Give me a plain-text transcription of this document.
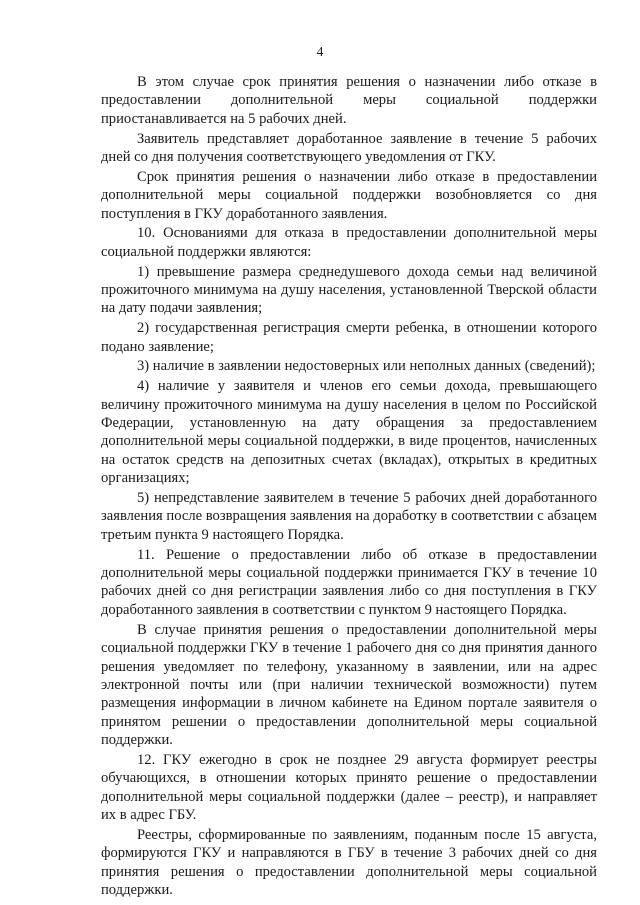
4

В этом случае срок принятия решения о назначении либо отказе в предоставлении дополнительной меры социальной поддержки приостанавливается на 5 рабочих дней.

Заявитель представляет доработанное заявление в течение 5 рабочих дней со дня получения соответствующего уведомления от ГКУ.

Срок принятия решения о назначении либо отказе в предоставлении дополнительной меры социальной поддержки возобновляется со дня поступления в ГКУ доработанного заявления.

10. Основаниями для отказа в предоставлении дополнительной меры социальной поддержки являются:

1) превышение размера среднедушевого дохода семьи над величиной прожиточного минимума на душу населения, установленной Тверской области на дату подачи заявления;

2) государственная регистрация смерти ребенка, в отношении которого подано заявление;

3) наличие в заявлении недостоверных или неполных данных (сведений);

4) наличие у заявителя и членов его семьи дохода, превышающего величину прожиточного минимума на душу населения в целом по Российской Федерации, установленную на дату обращения за предоставлением дополнительной меры социальной поддержки, в виде процентов, начисленных на остаток средств на депозитных счетах (вкладах), открытых в кредитных организациях;

5) непредставление заявителем в течение 5 рабочих дней доработанного заявления после возвращения заявления на доработку в соответствии с абзацем третьим пункта 9 настоящего Порядка.

11. Решение о предоставлении либо об отказе в предоставлении дополнительной меры социальной поддержки принимается ГКУ в течение 10 рабочих дней со дня регистрации заявления либо со дня поступления в ГКУ доработанного заявления в соответствии с пунктом 9 настоящего Порядка.

В случае принятия решения о предоставлении дополнительной меры социальной поддержки ГКУ в течение 1 рабочего дня со дня принятия данного решения уведомляет по телефону, указанному в заявлении, или на адрес электронной почты или (при наличии технической возможности) путем размещения информации в личном кабинете на Едином портале заявителя о принятом решении о предоставлении дополнительной меры социальной поддержки.

12. ГКУ ежегодно в срок не позднее 29 августа формирует реестры обучающихся, в отношении которых принято решение о предоставлении дополнительной меры социальной поддержки (далее – реестр), и направляет их в адрес ГБУ.

Реестры, сформированные по заявлениям, поданным после 15 августа, формируются ГКУ и направляются в ГБУ в течение 3 рабочих дней со дня принятия решения о предоставлении дополнительной меры социальной поддержки.
